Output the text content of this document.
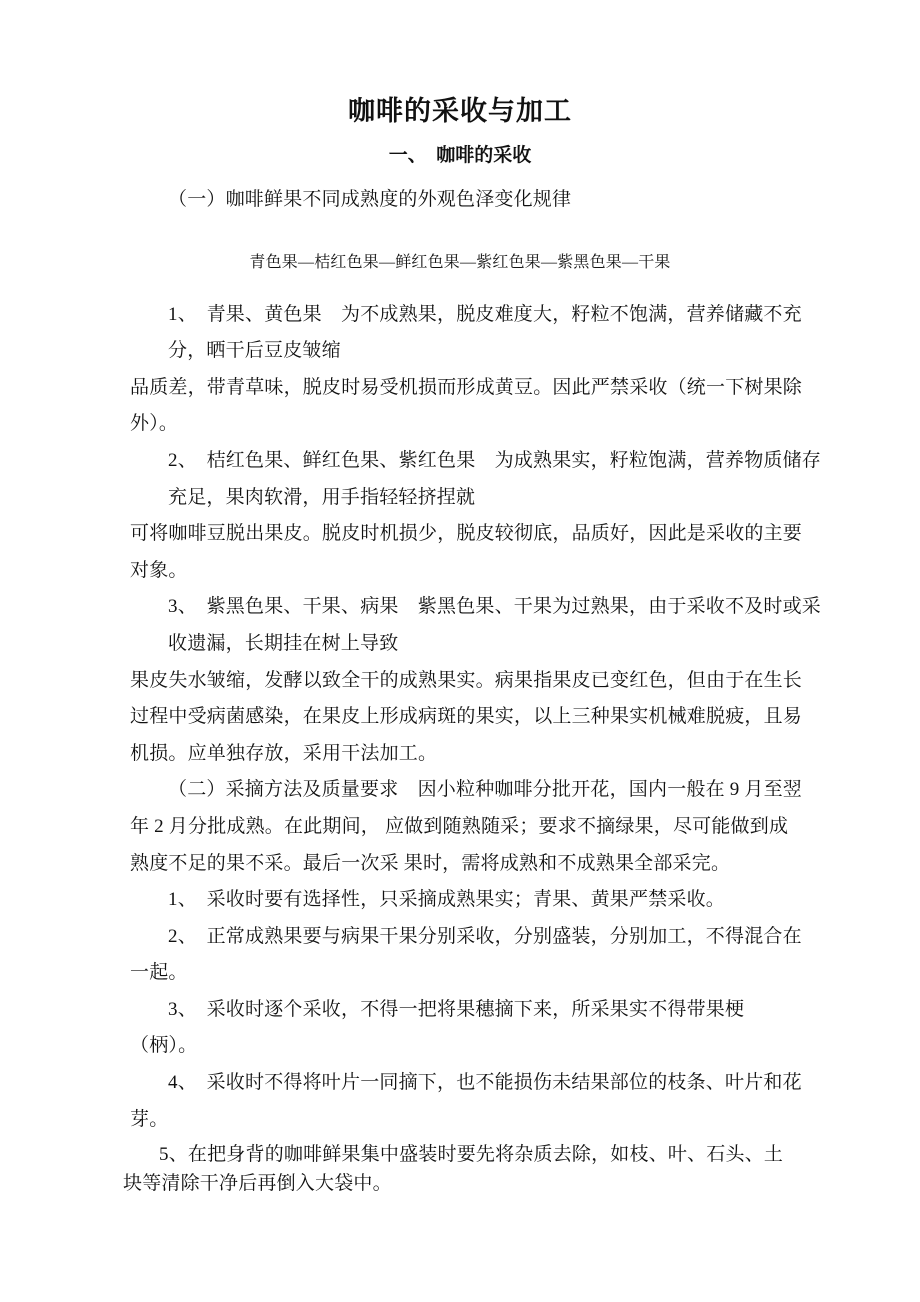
咖啡的采收与加工
一、　咖啡的采收
（一）咖啡鲜果不同成熟度的外观色泽变化规律
青色果—桔红色果—鲜红色果—紫红色果—紫黑色果—干果
1、　青果、黄色果　为不成熟果，脱皮难度大，籽粒不饱满，营养储藏不充
分，晒干后豆皮皱缩
品质差，带青草味，脱皮时易受机损而形成黄豆。因此严禁采收（统一下树果除
外）。
2、　桔红色果、鲜红色果、紫红色果　为成熟果实，籽粒饱满，营养物质储存
充足，果肉软滑，用手指轻轻挤捏就
可将咖啡豆脱出果皮。脱皮时机损少，脱皮较彻底，品质好，因此是采收的主要
对象。
3、　紫黑色果、干果、病果　紫黑色果、干果为过熟果，由于采收不及时或采
收遗漏，长期挂在树上导致
果皮失水皱缩，发酵以致全干的成熟果实。病果指果皮已变红色，但由于在生长
过程中受病菌感染，在果皮上形成病斑的果实，以上三种果实机械难脱疲，且易
机损。应单独存放，采用干法加工。
（二）采摘方法及质量要求　因小粒种咖啡分批开花，国内一般在 9 月至翌
年 2 月分批成熟。在此期间， 应做到随熟随采；要求不摘绿果，尽可能做到成
熟度不足的果不采。最后一次采 果时，需将成熟和不成熟果全部采完。
1、　采收时要有选择性，只采摘成熟果实；青果、黄果严禁采收。
2、　正常成熟果要与病果干果分别采收，分别盛装，分别加工，不得混合在
一起。
3、　采收时逐个采收，不得一把将果穗摘下来，所采果实不得带果梗
（柄）。
4、　采收时不得将叶片一同摘下，也不能损伤未结果部位的枝条、叶片和花
芽。
5、在把身背的咖啡鲜果集中盛装时要先将杂质去除，如枝、叶、石头、土
块等清除干净后再倒入大袋中。
